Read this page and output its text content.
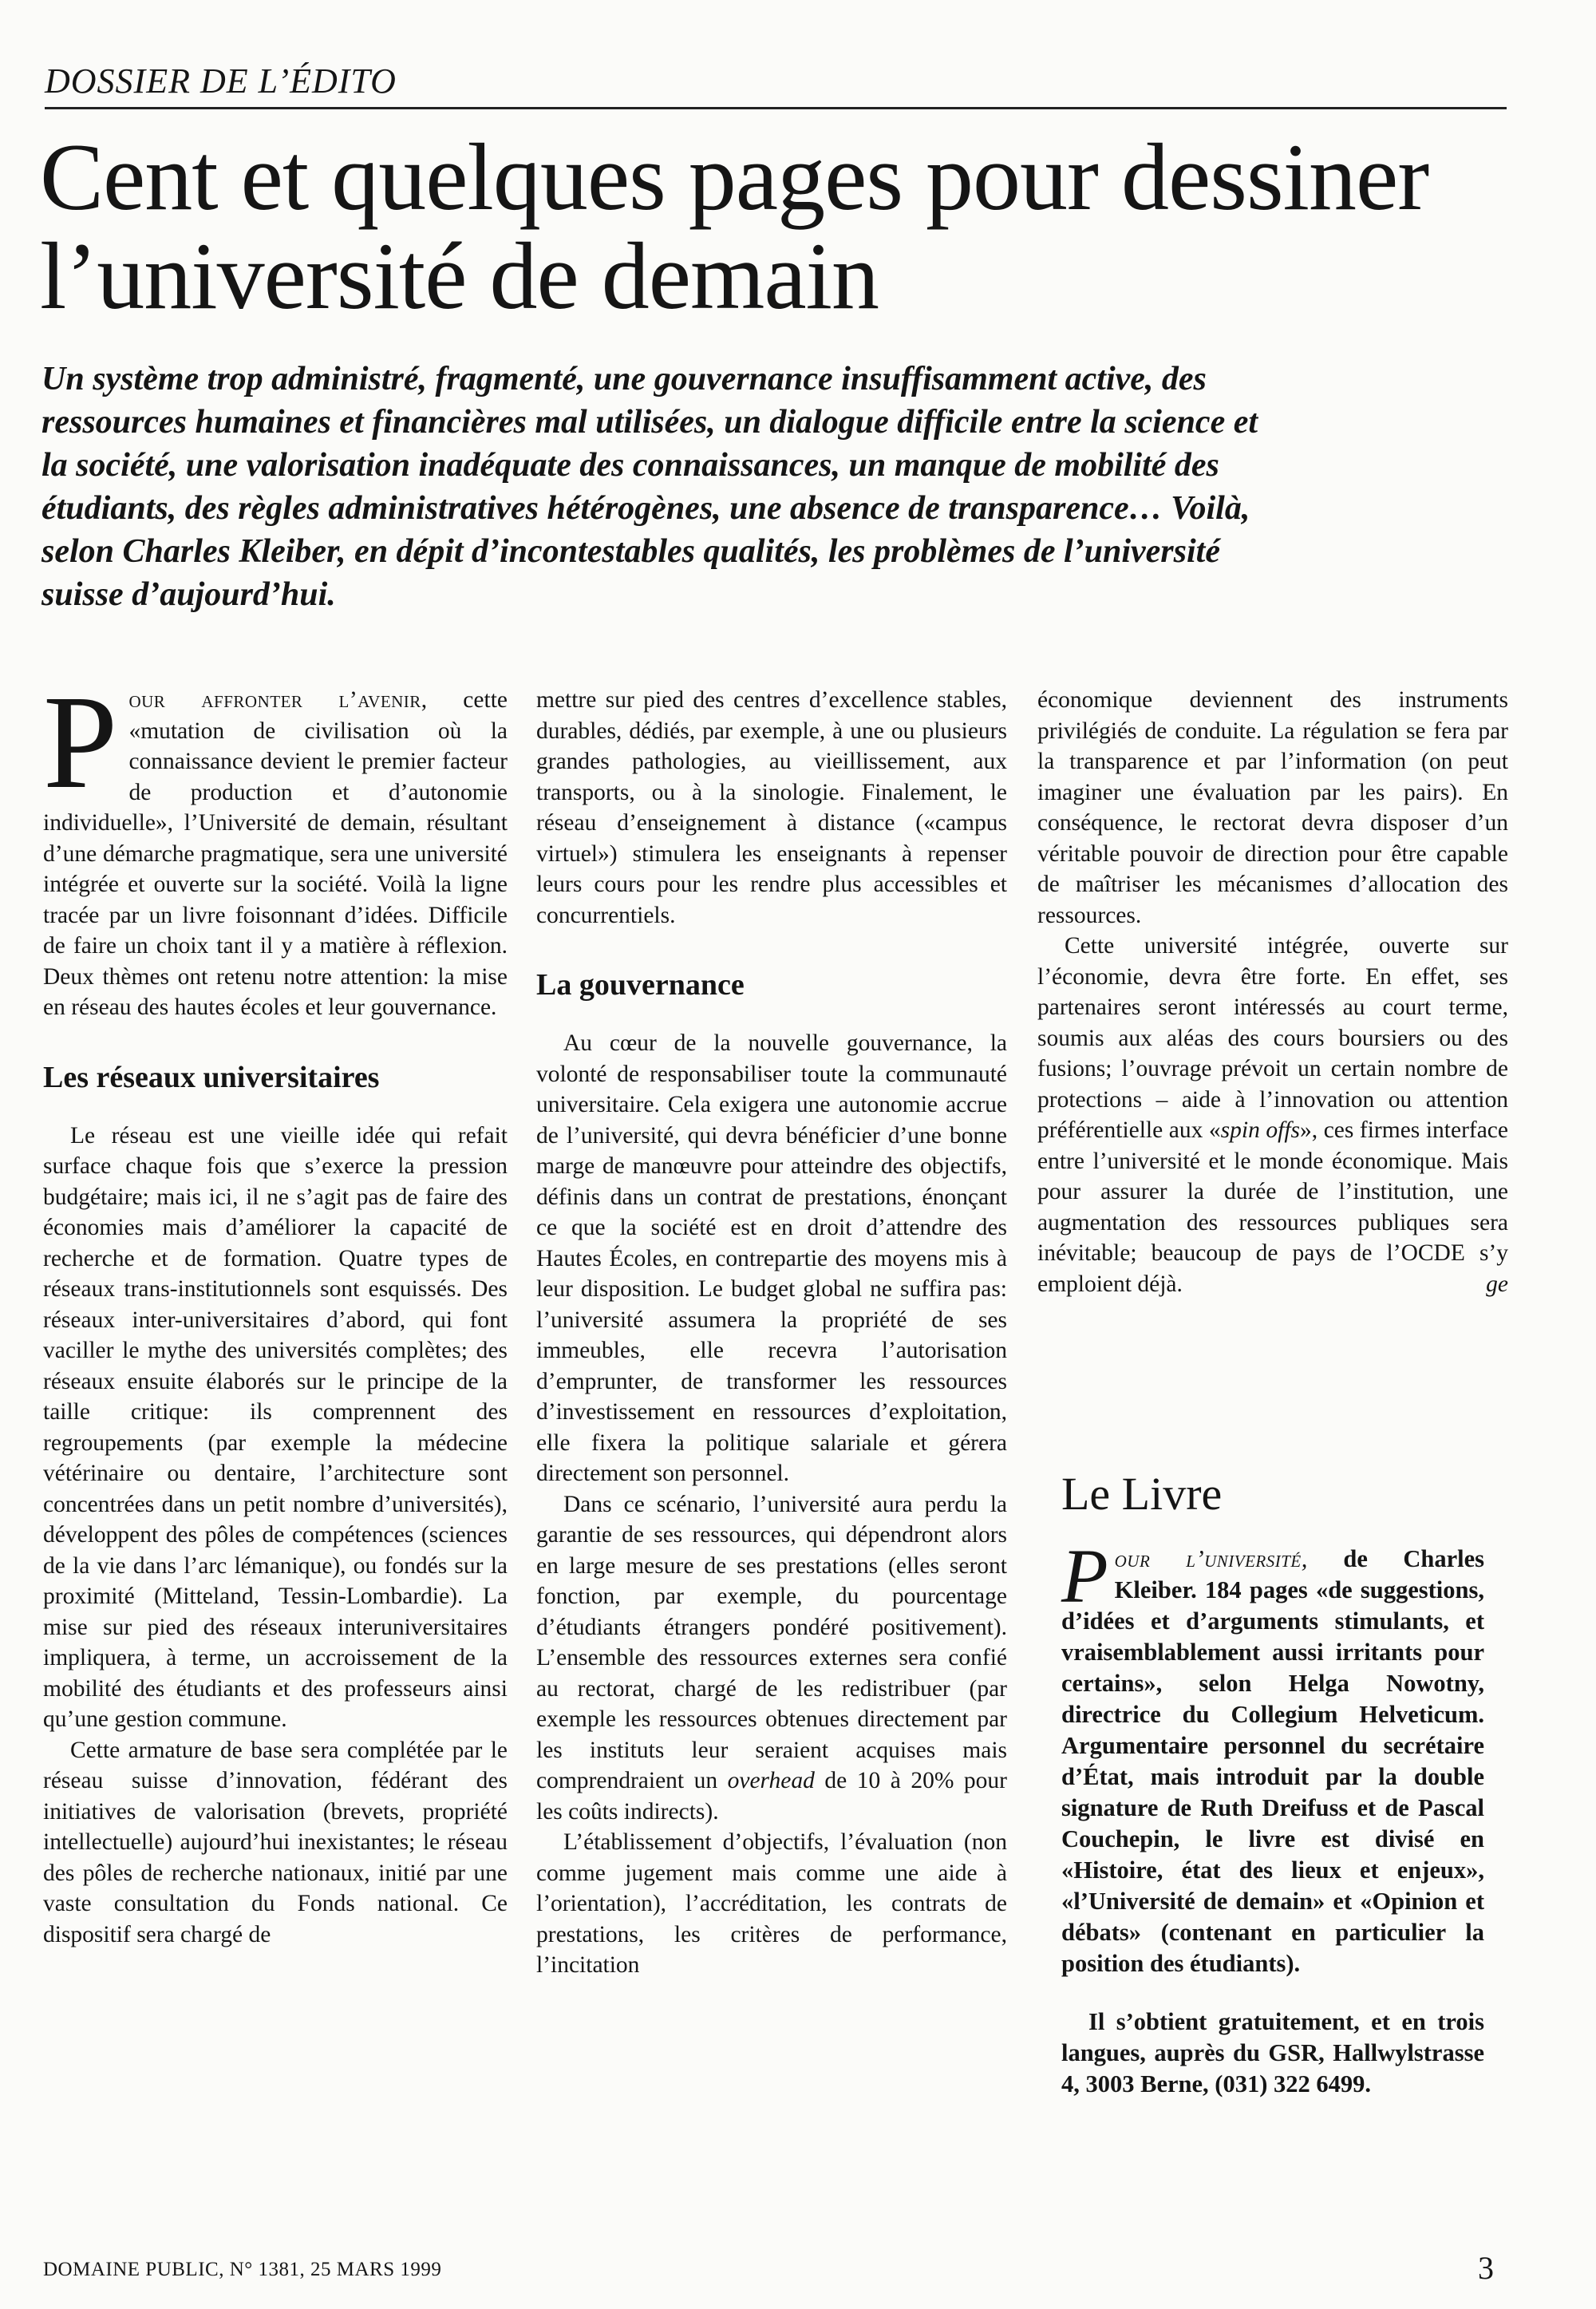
DOSSIER DE L’ÉDITO
Cent et quelques pages pour dessiner l’université de demain

Un système trop administré, fragmenté, une gouvernance insuffisamment active, des ressources humaines et financières mal utilisées, un dialogue difficile entre la science et la société, une valorisation inadéquate des connaissances, un manque de mobilité des étudiants, des règles administratives hétérogènes, une absence de transparence… Voilà, selon Charles Kleiber, en dépit d’incontestables qualités, les problèmes de l’université suisse d’aujourd’hui.

Pour affronter l’avenir, cette «mutation de civilisation où la connaissance devient le premier facteur de production et d’autonomie individuelle», l’Université de demain, résultant d’une démarche pragmatique, sera une université intégrée et ouverte sur la société. Voilà la ligne tracée par un livre foisonnant d’idées. Difficile de faire un choix tant il y a matière à réflexion. Deux thèmes ont retenu notre attention: la mise en réseau des hautes écoles et leur gouvernance.

Les réseaux universitaires

Le réseau est une vieille idée qui refait surface chaque fois que s’exerce la pression budgétaire; mais ici, il ne s’agit pas de faire des économies mais d’améliorer la capacité de recherche et de formation. Quatre types de réseaux trans-institutionnels sont esquissés. Des réseaux inter-universitaires d’abord, qui font vaciller le mythe des universités complètes; des réseaux ensuite élaborés sur le principe de la taille critique: ils comprennent des regroupements (par exemple la médecine vétérinaire ou dentaire, l’architecture sont concentrées dans un petit nombre d’universités), développent des pôles de compétences (sciences de la vie dans l’arc lémanique), ou fondés sur la proximité (Mitteland, Tessin-Lombardie). La mise sur pied des réseaux interuniversitaires impliquera, à terme, un accroissement de la mobilité des étudiants et des professeurs ainsi qu’une gestion commune.

Cette armature de base sera complétée par le réseau suisse d’innovation, fédérant des initiatives de valorisation (brevets, propriété intellectuelle) aujourd’hui inexistantes; le réseau des pôles de recherche nationaux, initié par une vaste consultation du Fonds national. Ce dispositif sera chargé de

mettre sur pied des centres d’excellence stables, durables, dédiés, par exemple, à une ou plusieurs grandes pathologies, au vieillissement, aux transports, ou à la sinologie. Finalement, le réseau d’enseignement à distance («campus virtuel») stimulera les enseignants à repenser leurs cours pour les rendre plus accessibles et concurrentiels.

La gouvernance

Au cœur de la nouvelle gouvernance, la volonté de responsabiliser toute la communauté universitaire. Cela exigera une autonomie accrue de l’université, qui devra bénéficier d’une bonne marge de manœuvre pour atteindre des objectifs, définis dans un contrat de prestations, énonçant ce que la société est en droit d’attendre des Hautes Écoles, en contrepartie des moyens mis à leur disposition. Le budget global ne suffira pas: l’université assumera la propriété de ses immeubles, elle recevra l’autorisation d’emprunter, de transformer les ressources d’investissement en ressources d’exploitation, elle fixera la politique salariale et gérera directement son personnel.

Dans ce scénario, l’université aura perdu la garantie de ses ressources, qui dépendront alors en large mesure de ses prestations (elles seront fonction, par exemple, du pourcentage d’étudiants étrangers pondéré positivement). L’ensemble des ressources externes sera confié au rectorat, chargé de les redistribuer (par exemple les ressources obtenues directement par les instituts leur seraient acquises mais comprendraient un overhead de 10 à 20% pour les coûts indirects).

L’établissement d’objectifs, l’évaluation (non comme jugement mais comme une aide à l’orientation), l’accréditation, les contrats de prestations, les critères de performance, l’incitation

économique deviennent des instruments privilégiés de conduite. La régulation se fera par la transparence et par l’information (on peut imaginer une évaluation par les pairs). En conséquence, le rectorat devra disposer d’un véritable pouvoir de direction pour être capable de maîtriser les mécanismes d’allocation des ressources.

Cette université intégrée, ouverte sur l’économie, devra être forte. En effet, ses partenaires seront intéressés au court terme, soumis aux aléas des cours boursiers ou des fusions; l’ouvrage prévoit un certain nombre de protections – aide à l’innovation ou attention préférentielle aux «spin offs», ces firmes interface entre l’université et le monde économique. Mais pour assurer la durée de l’institution, une augmentation des ressources publiques sera inévitable; beaucoup de pays de l’OCDE s’y emploient déjà.	ge

Le Livre

Pour l’université, de Charles Kleiber. 184 pages «de suggestions, d’idées et d’arguments stimulants, et vraisemblablement aussi irritants pour certains», selon Helga Nowotny, directrice du Collegium Helveticum. Argumentaire personnel du secrétaire d’État, mais introduit par la double signature de Ruth Dreifuss et de Pascal Couchepin, le livre est divisé en «Histoire, état des lieux et enjeux», «l’Université de demain» et «Opinion et débats» (contenant en particulier la position des étudiants).

Il s’obtient gratuitement, et en trois langues, auprès du GSR, Hallwylstrasse 4, 3003 Berne, (031) 322 6499.

DOMAINE PUBLIC, N° 1381, 25 MARS 1999	3
